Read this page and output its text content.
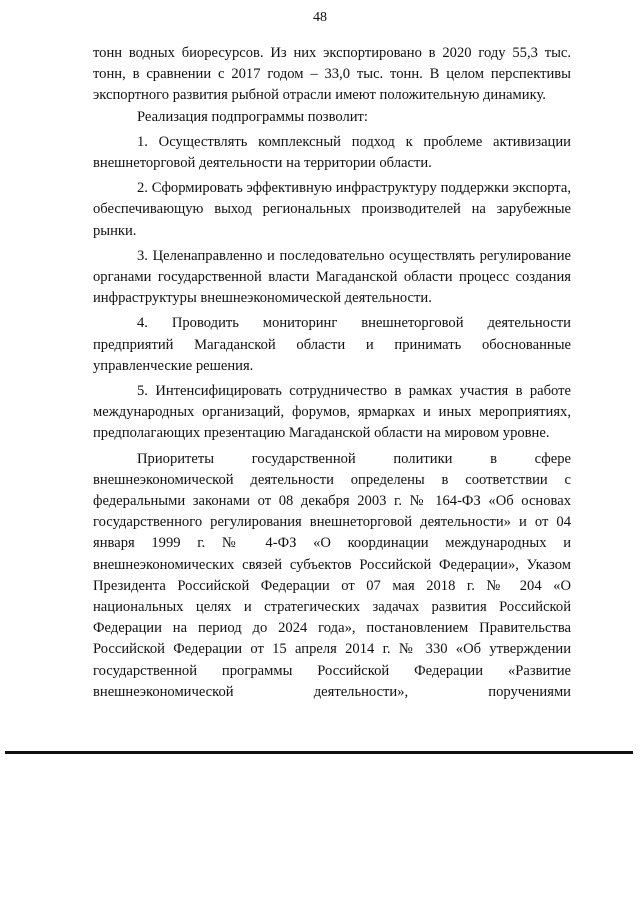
48

тонн водных биоресурсов. Из них экспортировано в 2020 году 55,3 тыс. тонн, в сравнении с 2017 годом – 33,0 тыс. тонн. В целом перспективы экспортного развития рыбной отрасли имеют положительную динамику.

Реализация подпрограммы позволит:

1. Осуществлять комплексный подход к проблеме активизации внешнеторговой деятельности на территории области.

2. Сформировать эффективную инфраструктуру поддержки экспорта, обеспечивающую выход региональных производителей на зарубежные рынки.

3. Целенаправленно и последовательно осуществлять регулирование органами государственной власти Магаданской области процесс создания инфраструктуры внешнеэкономической деятельности.

4. Проводить мониторинг внешнеторговой деятельности предприятий Магаданской области и принимать обоснованные управленческие решения.

5. Интенсифицировать сотрудничество в рамках участия в работе международных организаций, форумов, ярмарках и иных мероприятиях, предполагающих презентацию Магаданской области на мировом уровне.

Приоритеты государственной политики в сфере внешнеэкономической деятельности определены в соответствии с федеральными законами от 08 декабря 2003 г. № 164-ФЗ «Об основах государственного регулирования внешнеторговой деятельности» и от 04 января 1999 г. № 4-ФЗ «О координации международных и внешнеэкономических связей субъектов Российской Федерации», Указом Президента Российской Федерации от 07 мая 2018 г. № 204 «О национальных целях и стратегических задачах развития Российской Федерации на период до 2024 года», постановлением Правительства Российской Федерации от 15 апреля 2014 г. № 330 «Об утверждении государственной программы Российской Федерации «Развитие внешнеэкономической деятельности», поручениями
